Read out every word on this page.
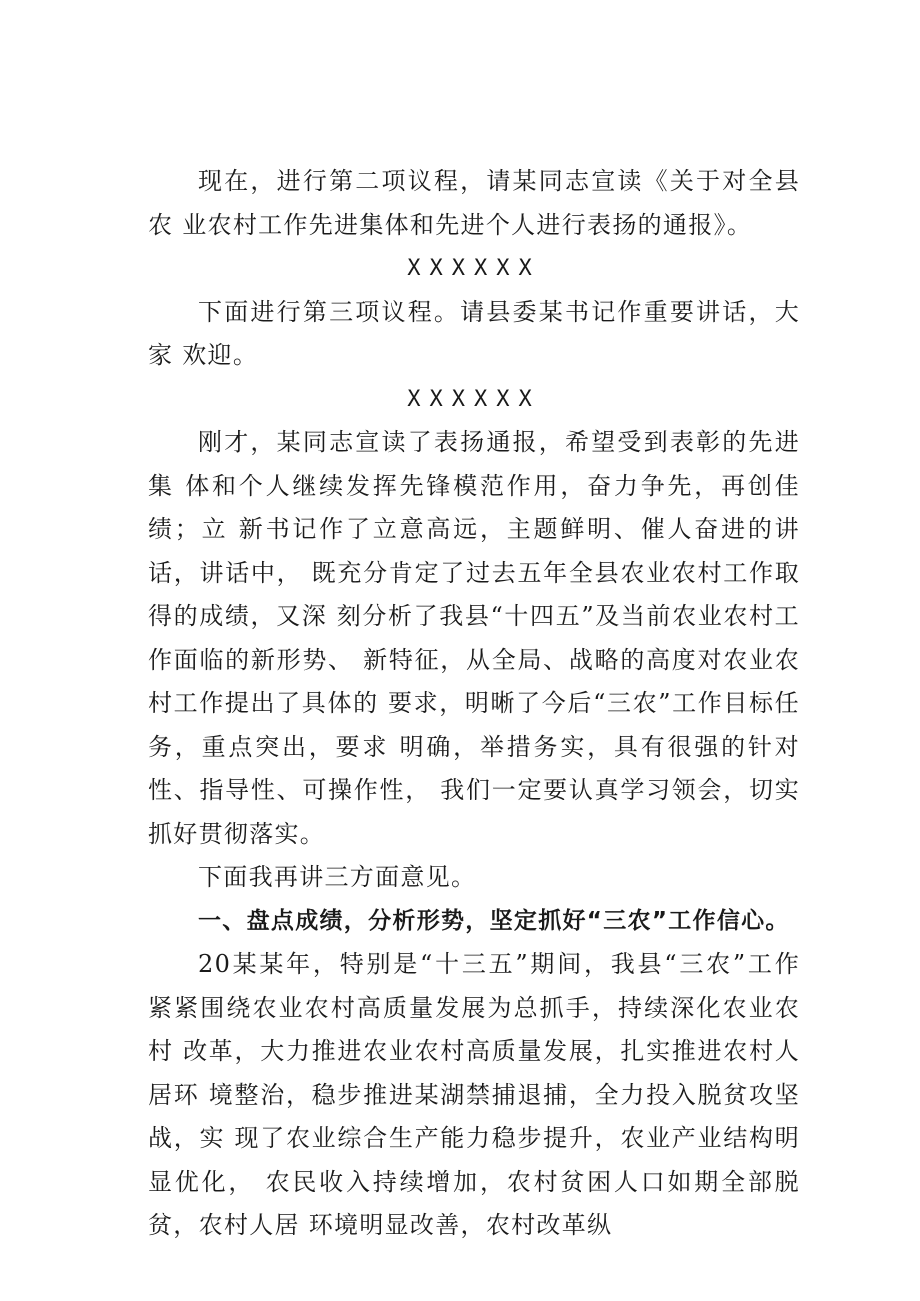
现在，进行第二项议程，请某同志宣读《关于对全县农 业农村工作先进集体和先进个人进行表扬的通报》。

XXXXXX

下面进行第三项议程。请县委某书记作重要讲话，大家 欢迎。

XXXXXX

刚才，某同志宣读了表扬通报，希望受到表彰的先进集 体和个人继续发挥先锋模范作用，奋力争先，再创佳绩；立 新书记作了立意高远，主题鲜明、催人奋进的讲话，讲话中， 既充分肯定了过去五年全县农业农村工作取得的成绩，又深 刻分析了我县“十四五”及当前农业农村工作面临的新形势、 新特征，从全局、战略的高度对农业农村工作提出了具体的 要求，明晰了今后“三农”工作目标任务，重点突出，要求 明确，举措务实，具有很强的针对性、指导性、可操作性， 我们一定要认真学习领会，切实抓好贯彻落实。

下面我再讲三方面意见。

一、盘点成绩，分析形势，坚定抓好“三农”工作信心。

20某某年，特别是“十三五”期间，我县“三农”工作 紧紧围绕农业农村高质量发展为总抓手，持续深化农业农村 改革，大力推进农业农村高质量发展，扎实推进农村人居环 境整治，稳步推进某湖禁捕退捕，全力投入脱贫攻坚战，实 现了农业综合生产能力稳步提升，农业产业结构明显优化， 农民收入持续增加，农村贫困人口如期全部脱贫，农村人居 环境明显改善，农村改革纵
